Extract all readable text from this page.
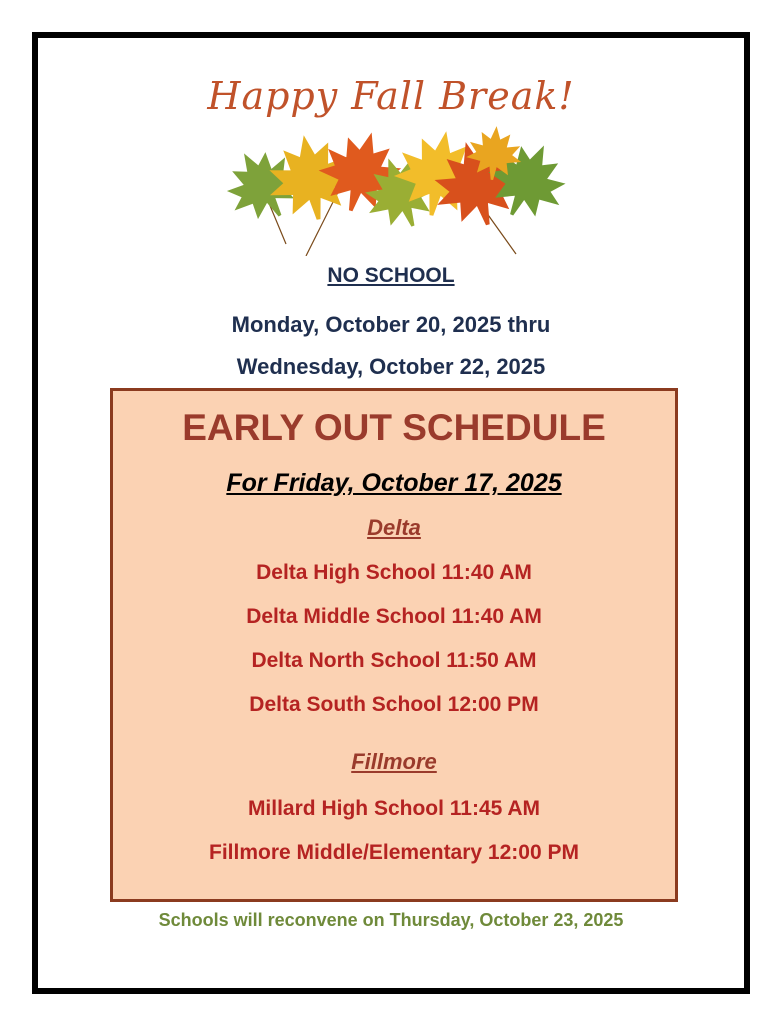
Happy Fall Break!
NO SCHOOL
Monday, October 20, 2025 thru
Wednesday, October 22, 2025
EARLY OUT SCHEDULE
For Friday, October 17, 2025
Delta
Delta High School 11:40 AM
Delta Middle School 11:40 AM
Delta North School 11:50 AM
Delta South School 12:00 PM
Fillmore
Millard High School 11:45 AM
Fillmore Middle/Elementary 12:00 PM
Schools will reconvene on Thursday, October 23, 2025
